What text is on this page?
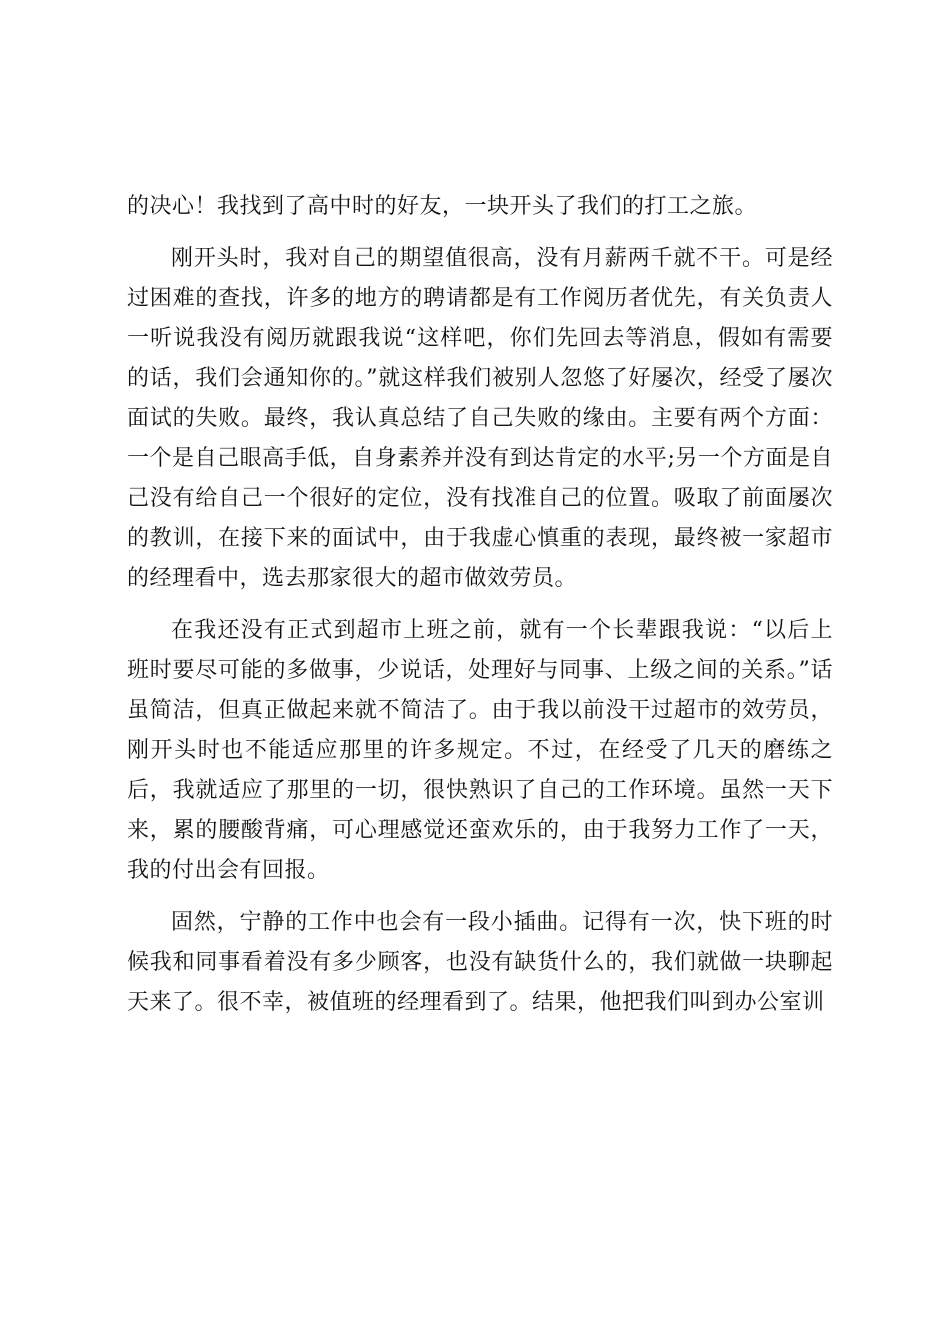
的决心！我找到了高中时的好友，一块开头了我们的打工之旅。

刚开头时，我对自己的期望值很高，没有月薪两千就不干。可是经过困难的查找，许多的地方的聘请都是有工作阅历者优先，有关负责人一听说我没有阅历就跟我说“这样吧，你们先回去等消息，假如有需要的话，我们会通知你的。”就这样我们被别人忽悠了好屡次，经受了屡次面试的失败。最终，我认真总结了自己失败的缘由。主要有两个方面：一个是自己眼高手低，自身素养并没有到达肯定的水平;另一个方面是自己没有给自己一个很好的定位，没有找准自己的位置。吸取了前面屡次的教训，在接下来的面试中，由于我虚心慎重的表现，最终被一家超市的经理看中，选去那家很大的超市做效劳员。

在我还没有正式到超市上班之前，就有一个长辈跟我说：“以后上班时要尽可能的多做事，少说话，处理好与同事、上级之间的关系。”话虽简洁，但真正做起来就不简洁了。由于我以前没干过超市的效劳员，刚开头时也不能适应那里的许多规定。不过，在经受了几天的磨练之后，我就适应了那里的一切，很快熟识了自己的工作环境。虽然一天下来，累的腰酸背痛，可心理感觉还蛮欢乐的，由于我努力工作了一天，我的付出会有回报。

固然，宁静的工作中也会有一段小插曲。记得有一次，快下班的时候我和同事看着没有多少顾客，也没有缺货什么的，我们就做一块聊起天来了。很不幸，被值班的经理看到了。结果，他把我们叫到办公室训
